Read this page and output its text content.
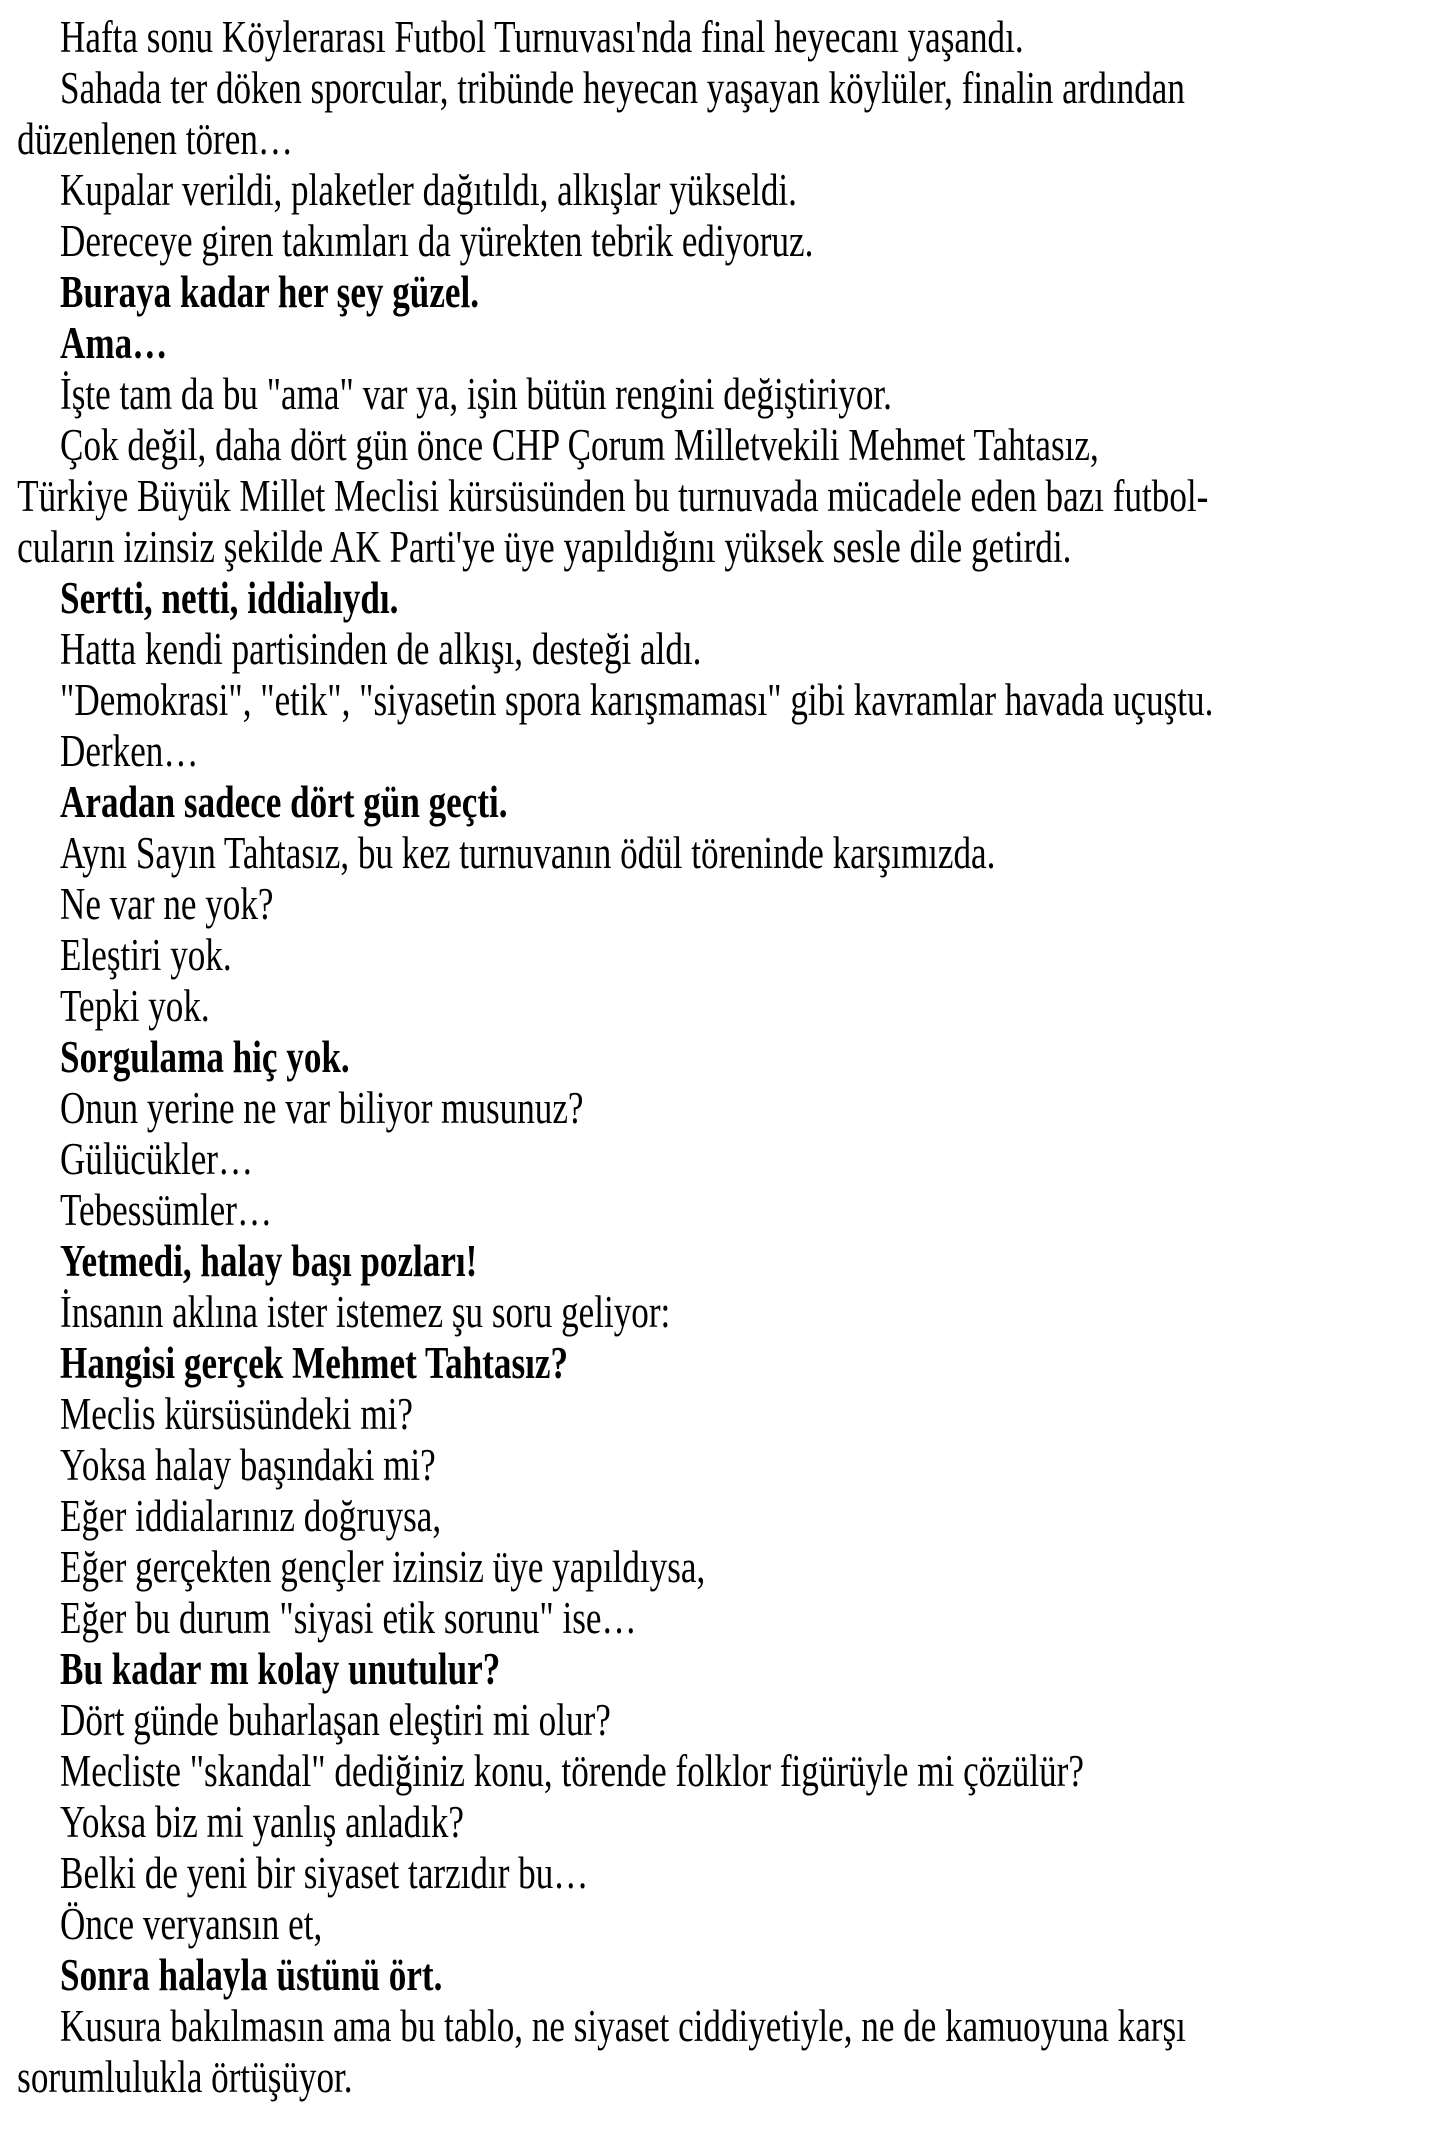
Hafta sonu Köylerarası Futbol Turnuvası'nda final heyecanı yaşandı.
Sahada ter döken sporcular, tribünde heyecan yaşayan köylüler, finalin ardından
düzenlenen tören…
Kupalar verildi, plaketler dağıtıldı, alkışlar yükseldi.
Dereceye giren takımları da yürekten tebrik ediyoruz.
Buraya kadar her şey güzel.
Ama…
İşte tam da bu "ama" var ya, işin bütün rengini değiştiriyor.
Çok değil, daha dört gün önce CHP Çorum Milletvekili Mehmet Tahtasız,
Türkiye Büyük Millet Meclisi kürsüsünden bu turnuvada mücadele eden bazı futbol-
cuların izinsiz şekilde AK Parti'ye üye yapıldığını yüksek sesle dile getirdi.
Sertti, netti, iddialıydı.
Hatta kendi partisinden de alkışı, desteği aldı.
"Demokrasi", "etik", "siyasetin spora karışmaması" gibi kavramlar havada uçuştu.
Derken…
Aradan sadece dört gün geçti.
Aynı Sayın Tahtasız, bu kez turnuvanın ödül töreninde karşımızda.
Ne var ne yok?
Eleştiri yok.
Tepki yok.
Sorgulama hiç yok.
Onun yerine ne var biliyor musunuz?
Gülücükler…
Tebessümler…
Yetmedi, halay başı pozları!
İnsanın aklına ister istemez şu soru geliyor:
Hangisi gerçek Mehmet Tahtasız?
Meclis kürsüsündeki mi?
Yoksa halay başındaki mi?
Eğer iddialarınız doğruysa,
Eğer gerçekten gençler izinsiz üye yapıldıysa,
Eğer bu durum "siyasi etik sorunu" ise…
Bu kadar mı kolay unutulur?
Dört günde buharlaşan eleştiri mi olur?
Mecliste "skandal" dediğiniz konu, törende folklor figürüyle mi çözülür?
Yoksa biz mi yanlış anladık?
Belki de yeni bir siyaset tarzıdır bu…
Önce veryansın et,
Sonra halayla üstünü ört.
Kusura bakılmasın ama bu tablo, ne siyaset ciddiyetiyle, ne de kamuoyuna karşı
sorumlulukla örtüşüyor.
